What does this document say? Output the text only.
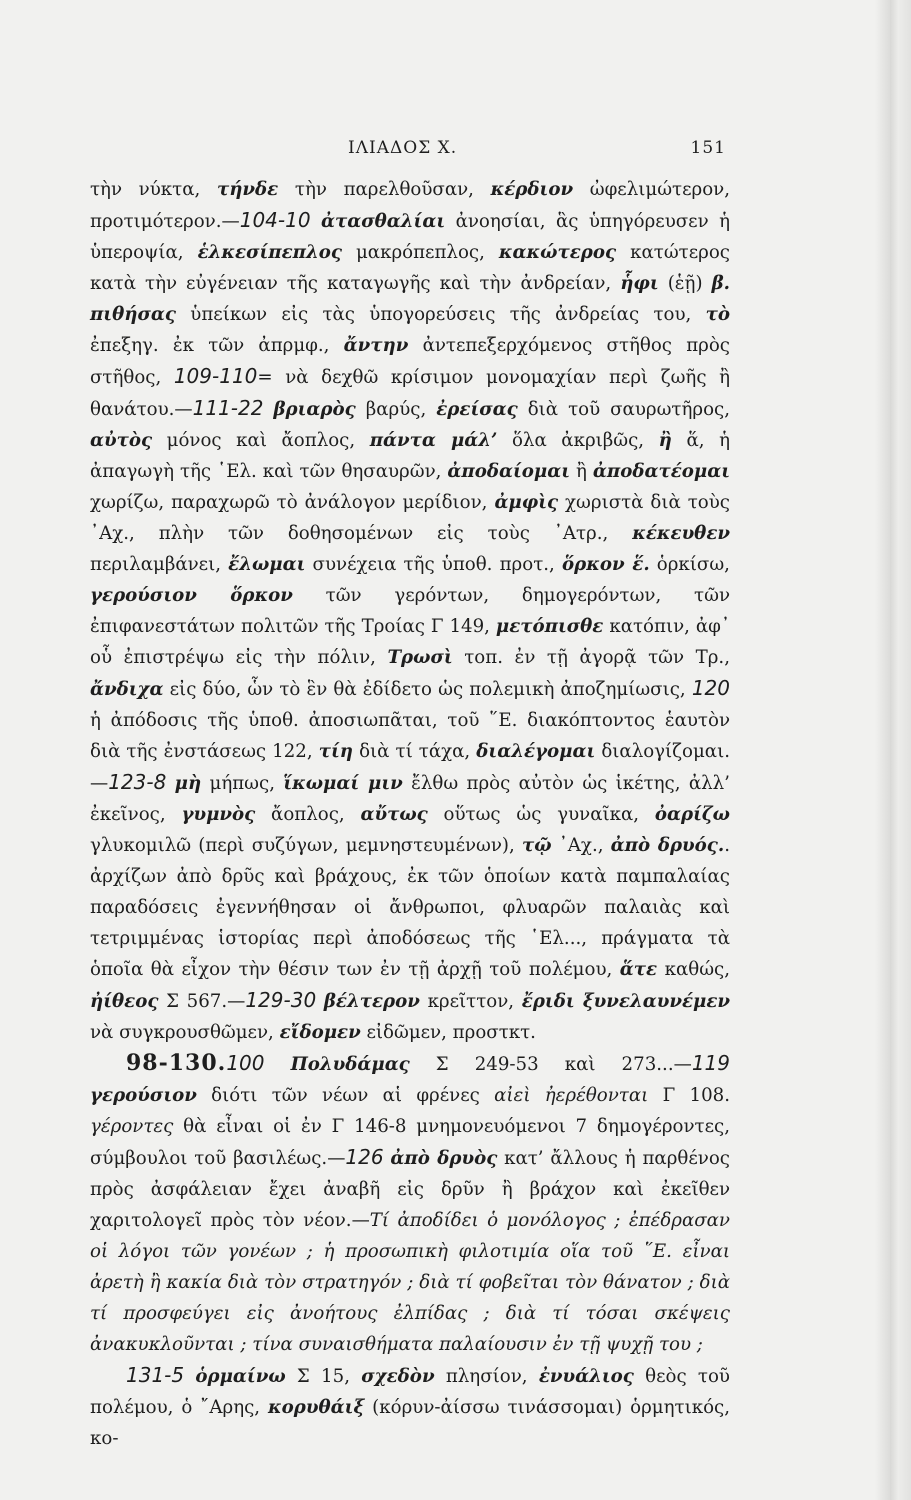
ΙΛΙΑΔΟΣ Χ.	151

τὴν νύκτα, τήνδε τὴν παρελθοῦσαν, κέρδιον ὠφελιμώτερον, προτιμότερον.—104-10 ἀτασθαλίαι ἀνοησίαι, ἃς ὑπηγόρευσεν ἡ ὑπεροψία, ἑλκεσίπεπλος μακρόπεπλος, κακώτερος κατώτερος κατὰ τὴν εὐγένειαν τῆς καταγωγῆς καὶ τὴν ἀνδρείαν, ἧφι (ἑῇ) β. πιθήσας ὑπείκων εἰς τὰς ὑπογορεύσεις τῆς ἀνδρείας του, τὸ ἐπεξηγ. ἐκ τῶν ἀπρμφ., ἄντην ἀντεπεξερχόμενος στῆθος πρὸς στῆθος, 109-110= νὰ δεχθῶ κρίσιμον μονομαχίαν περὶ ζωῆς ἢ θανάτου.—111-22 βριαρὸς βαρύς, ἐρείσας διὰ τοῦ σαυρωτῆρος, αὐτὸς μόνος καὶ ἄοπλος, πάντα μάλ’ ὅλα ἀκριβῶς, ἢ ἅ, ἡ ἀπαγωγὴ τῆς ῾Ελ. καὶ τῶν θησαυρῶν, ἀποδαίομαι ἢ ἀποδατέομαι χωρίζω, παραχωρῶ τὸ ἀνάλογον μερίδιον, ἀμφὶς χωριστὰ διὰ τοὺς ᾿Αχ., πλὴν τῶν δοθησομένων εἰς τοὺς ᾿Ατρ., κέκευθεν περιλαμβάνει, ἔλωμαι συνέχεια τῆς ὑποθ. προτ., ὅρκον ἕ. ὁρκίσω, γερούσιον ὅρκον τῶν γερόντων, δημογερόντων, τῶν ἐπιφανεστάτων πολιτῶν τῆς Τροίας Γ 149, μετόπισθε κατόπιν, ἀφ᾿ οὗ ἐπιστρέψω εἰς τὴν πόλιν, Τρωσὶ τοπ. ἐν τῇ ἀγορᾷ τῶν Τρ., ἄνδιχα εἰς δύο, ὧν τὸ ἓν θὰ ἐδίδετο ὡς πολεμικὴ ἀποζημίωσις, 120 ἡ ἀπόδοσις τῆς ὑποθ. ἀποσιωπᾶται, τοῦ ῞Ε. διακόπτοντος ἑαυτὸν διὰ τῆς ἐνστάσεως 122, τίη διὰ τί τάχα, διαλέγομαι διαλογίζομαι.—123-8 μὴ μήπως, ἵκωμαί μιν ἔλθω πρὸς αὐτὸν ὡς ἱκέτης, ἀλλ’ ἐκεῖνος, γυμνὸς ἄοπλος, αὔτως οὕτως ὡς γυναῖκα, ὀαρίζω γλυκομιλῶ (περὶ συζύγων, μεμνηστευμένων), τῷ ᾿Αχ., ἀπὸ δρυός.. ἀρχίζων ἀπὸ δρῦς καὶ βράχους, ἐκ τῶν ὁποίων κατὰ παμπαλαίας παραδόσεις ἐγεννήθησαν οἱ ἄνθρωποι, φλυαρῶν παλαιὰς καὶ τετριμμένας ἱστορίας περὶ ἀποδόσεως τῆς ῾Ελ..., πράγματα τὰ ὁποῖα θὰ εἶχον τὴν θέσιν των ἐν τῇ ἀρχῇ τοῦ πολέμου, ἅτε καθώς, ἠίθεος Σ 567.—129-30 βέλτερον κρεῖττον, ἔριδι ξυνελαυνέμεν νὰ συγκρουσθῶμεν, εἴδομεν εἰδῶμεν, προστκτ.

98-130.100 Πολυδάμας Σ 249-53 καὶ 273...—119 γερούσιον διότι τῶν νέων αἱ φρένες αἰεὶ ἠερέθονται Γ 108. γέροντες θὰ εἶναι οἱ ἐν Γ 146-8 μνημονευόμενοι 7 δημογέροντες, σύμβουλοι τοῦ βασιλέως.—126 ἀπὸ δρυὸς κατ’ ἄλλους ἡ παρθένος πρὸς ἀσφάλειαν ἔχει ἀναβῆ εἰς δρῦν ἢ βράχον καὶ ἐκεῖθεν χαριτολογεῖ πρὸς τὸν νέον.—Τί ἀποδίδει ὁ μονόλογος ; ἐπέδρασαν οἱ λόγοι τῶν γονέων ; ἡ προσωπικὴ φιλοτιμία οἵα τοῦ ῞Ε. εἶναι ἀρετὴ ἢ κακία διὰ τὸν στρατηγόν ; διὰ τί φοβεῖται τὸν θάνατον ; διὰ τί προσφεύγει εἰς ἀνοήτους ἐλπίδας ; διὰ τί τόσαι σκέψεις ἀνακυκλοῦνται ; τίνα συναισθήματα παλαίουσιν ἐν τῇ ψυχῇ του ;

131-5 ὁρμαίνω Σ 15, σχεδὸν πλησίον, ἐνυάλιος θεὸς τοῦ πολέμου, ὁ ῎Αρης, κορυθάιξ (κόρυν-ἀίσσω τινάσσομαι) ὁρμητικός, κο-
